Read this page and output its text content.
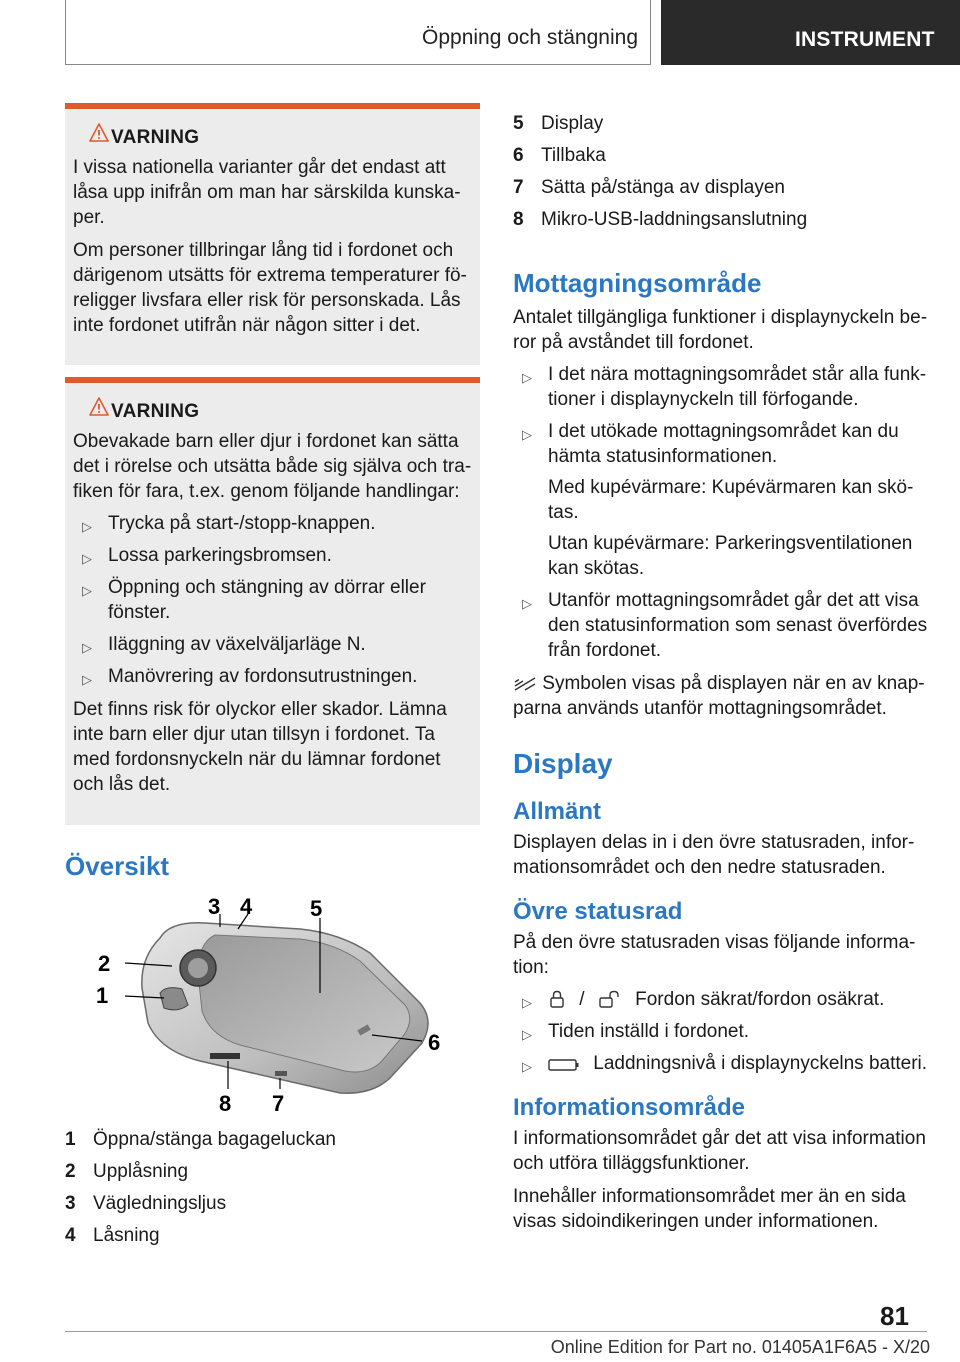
Öppning och stängning	INSTRUMENT
VARNING

I vissa nationella varianter går det endast att låsa upp inifrån om man har särskilda kunska-per.

Om personer tillbringar lång tid i fordonet och därigenom utsätts för extrema temperaturer fö-religger livsfara eller risk för personskada. Lås inte fordonet utifrån när någon sitter i det.

VARNING

Obevakade barn eller djur i fordonet kan sätta det i rörelse och utsätta både sig själva och tra-fiken för fara, t.ex. genom följande handlingar:

▷ Trycka på start-/stopp-knappen.
▷ Lossa parkeringsbromsen.
▷ Öppning och stängning av dörrar eller fönster.
▷ Iläggning av växelväljarläge N.
▷ Manövrering av fordonsutrustningen.

Det finns risk för olyckor eller skador. Lämna inte barn eller djur utan tillsyn i fordonet. Ta med fordonsnyckeln när du lämnar fordonet och lås det.

Översikt
1
2
3 4	5
6
7
8
1 Öppna/stänga bagageluckan
2 Upplåsning
3 Vägledningsljus
4 Låsning
5 Display
6 Tillbaka
7 Sätta på/stänga av displayen
8 Mikro-USB-laddningsanslutning
Mottagningsområde

Antalet tillgängliga funktioner i displaynyckeln be-ror på avståndet till fordonet.

▷ I det nära mottagningsområdet står alla funk-tioner i displaynyckeln till förfogande.
▷ I det utökade mottagningsområdet kan du hämta statusinformationen.

Med kupévärmare: Kupévärmaren kan skö-tas.

Utan kupévärmare: Parkeringsventilationen kan skötas.

▷ Utanför mottagningsområdet går det att visa den statusinformation som senast överfördes från fordonet.

Symbolen visas på displayen när en av knap-parna används utanför mottagningsområdet.

Display
Allmänt

Displayen delas in i den övre statusraden, infor-mationsområdet och den nedre statusraden.

Övre statusrad

På den övre statusraden visas följande informa-tion:

▷ /	Fordon säkrat/fordon osäkrat.
▷ Tiden inställd i fordonet.
▷	Laddningsnivå i displaynyckelns batteri.
Informationsområde

I informationsområdet går det att visa information och utföra tilläggsfunktioner.

Innehåller informationsområdet mer än en sida visas sidoindikeringen under informationen.

81
Online Edition for Part no. 01405A1F6A5 - X/20
